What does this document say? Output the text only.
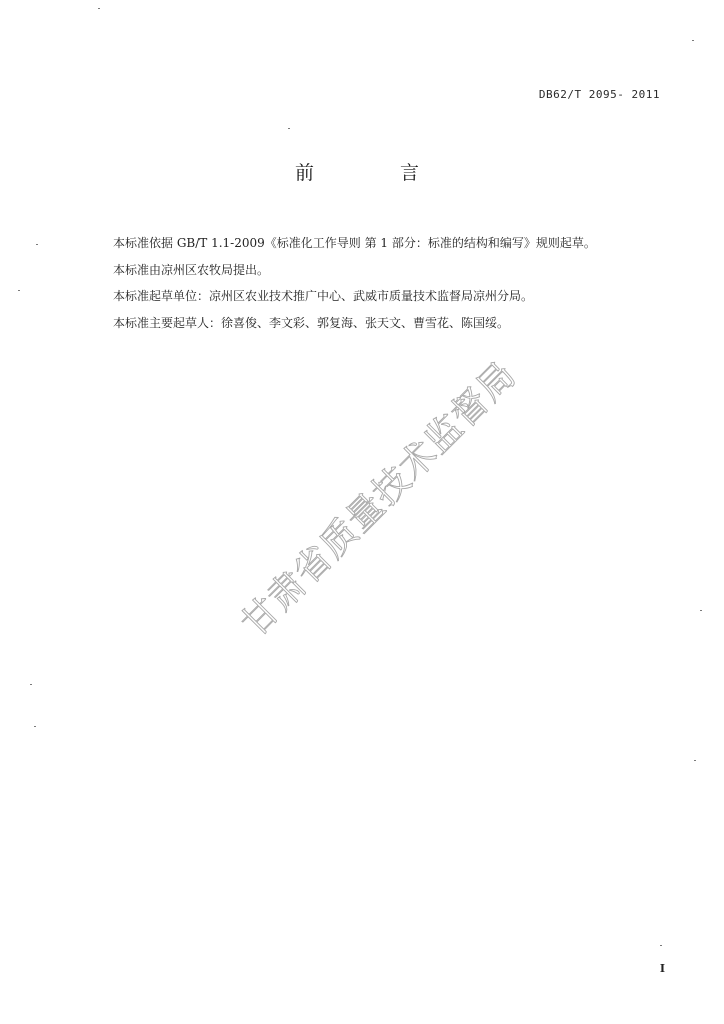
DB62/T 2095- 2011
前 言
本标准依据 GB/T 1.1-2009《标准化工作导则 第 1 部分：标准的结构和编写》规则起草。
本标准由凉州区农牧局提出。
本标准起草单位：凉州区农业技术推广中心、武威市质量技术监督局凉州分局。
本标准主要起草人：徐喜俊、李文彩、郭复海、张天文、曹雪花、陈国绥。
甘肃省质量技术监督局
I
